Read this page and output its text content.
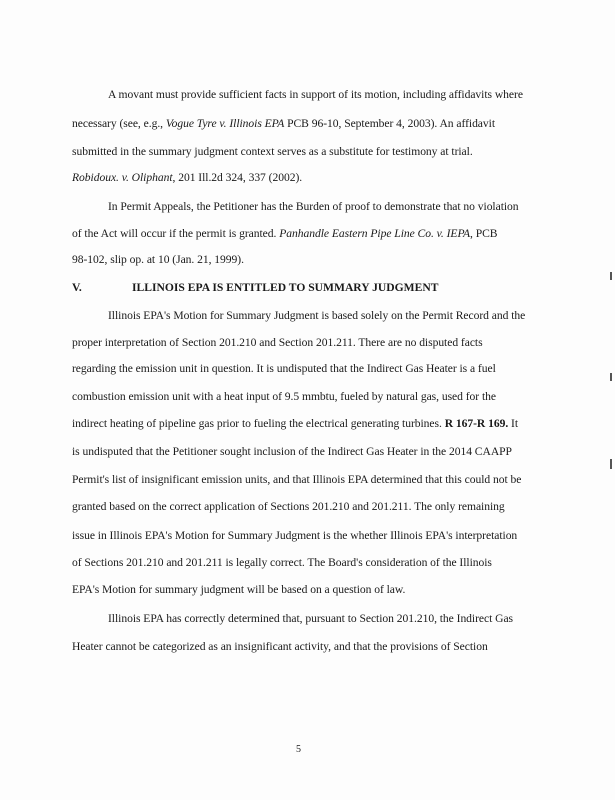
A movant must provide sufficient facts in support of its motion, including affidavits where
necessary (see, e.g., Vogue Tyre v. Illinois EPA PCB 96-10, September 4, 2003). An affidavit
submitted in the summary judgment context serves as a substitute for testimony at trial.
Robidoux. v. Oliphant, 201 Ill.2d 324, 337 (2002).
In Permit Appeals, the Petitioner has the Burden of proof to demonstrate that no violation
of the Act will occur if the permit is granted. Panhandle Eastern Pipe Line Co. v. IEPA, PCB
98-102, slip op. at 10 (Jan. 21, 1999).
V.	ILLINOIS EPA IS ENTITLED TO SUMMARY JUDGMENT
Illinois EPA's Motion for Summary Judgment is based solely on the Permit Record and the
proper interpretation of Section 201.210 and Section 201.211. There are no disputed facts
regarding the emission unit in question. It is undisputed that the Indirect Gas Heater is a fuel
combustion emission unit with a heat input of 9.5 mmbtu, fueled by natural gas, used for the
indirect heating of pipeline gas prior to fueling the electrical generating turbines. R 167-R 169. It
is undisputed that the Petitioner sought inclusion of the Indirect Gas Heater in the 2014 CAAPP
Permit's list of insignificant emission units, and that Illinois EPA determined that this could not be
granted based on the correct application of Sections 201.210 and 201.211. The only remaining
issue in Illinois EPA's Motion for Summary Judgment is the whether Illinois EPA's interpretation
of Sections 201.210 and 201.211 is legally correct. The Board's consideration of the Illinois
EPA's Motion for summary judgment will be based on a question of law.
Illinois EPA has correctly determined that, pursuant to Section 201.210, the Indirect Gas
Heater cannot be categorized as an insignificant activity, and that the provisions of Section
5
